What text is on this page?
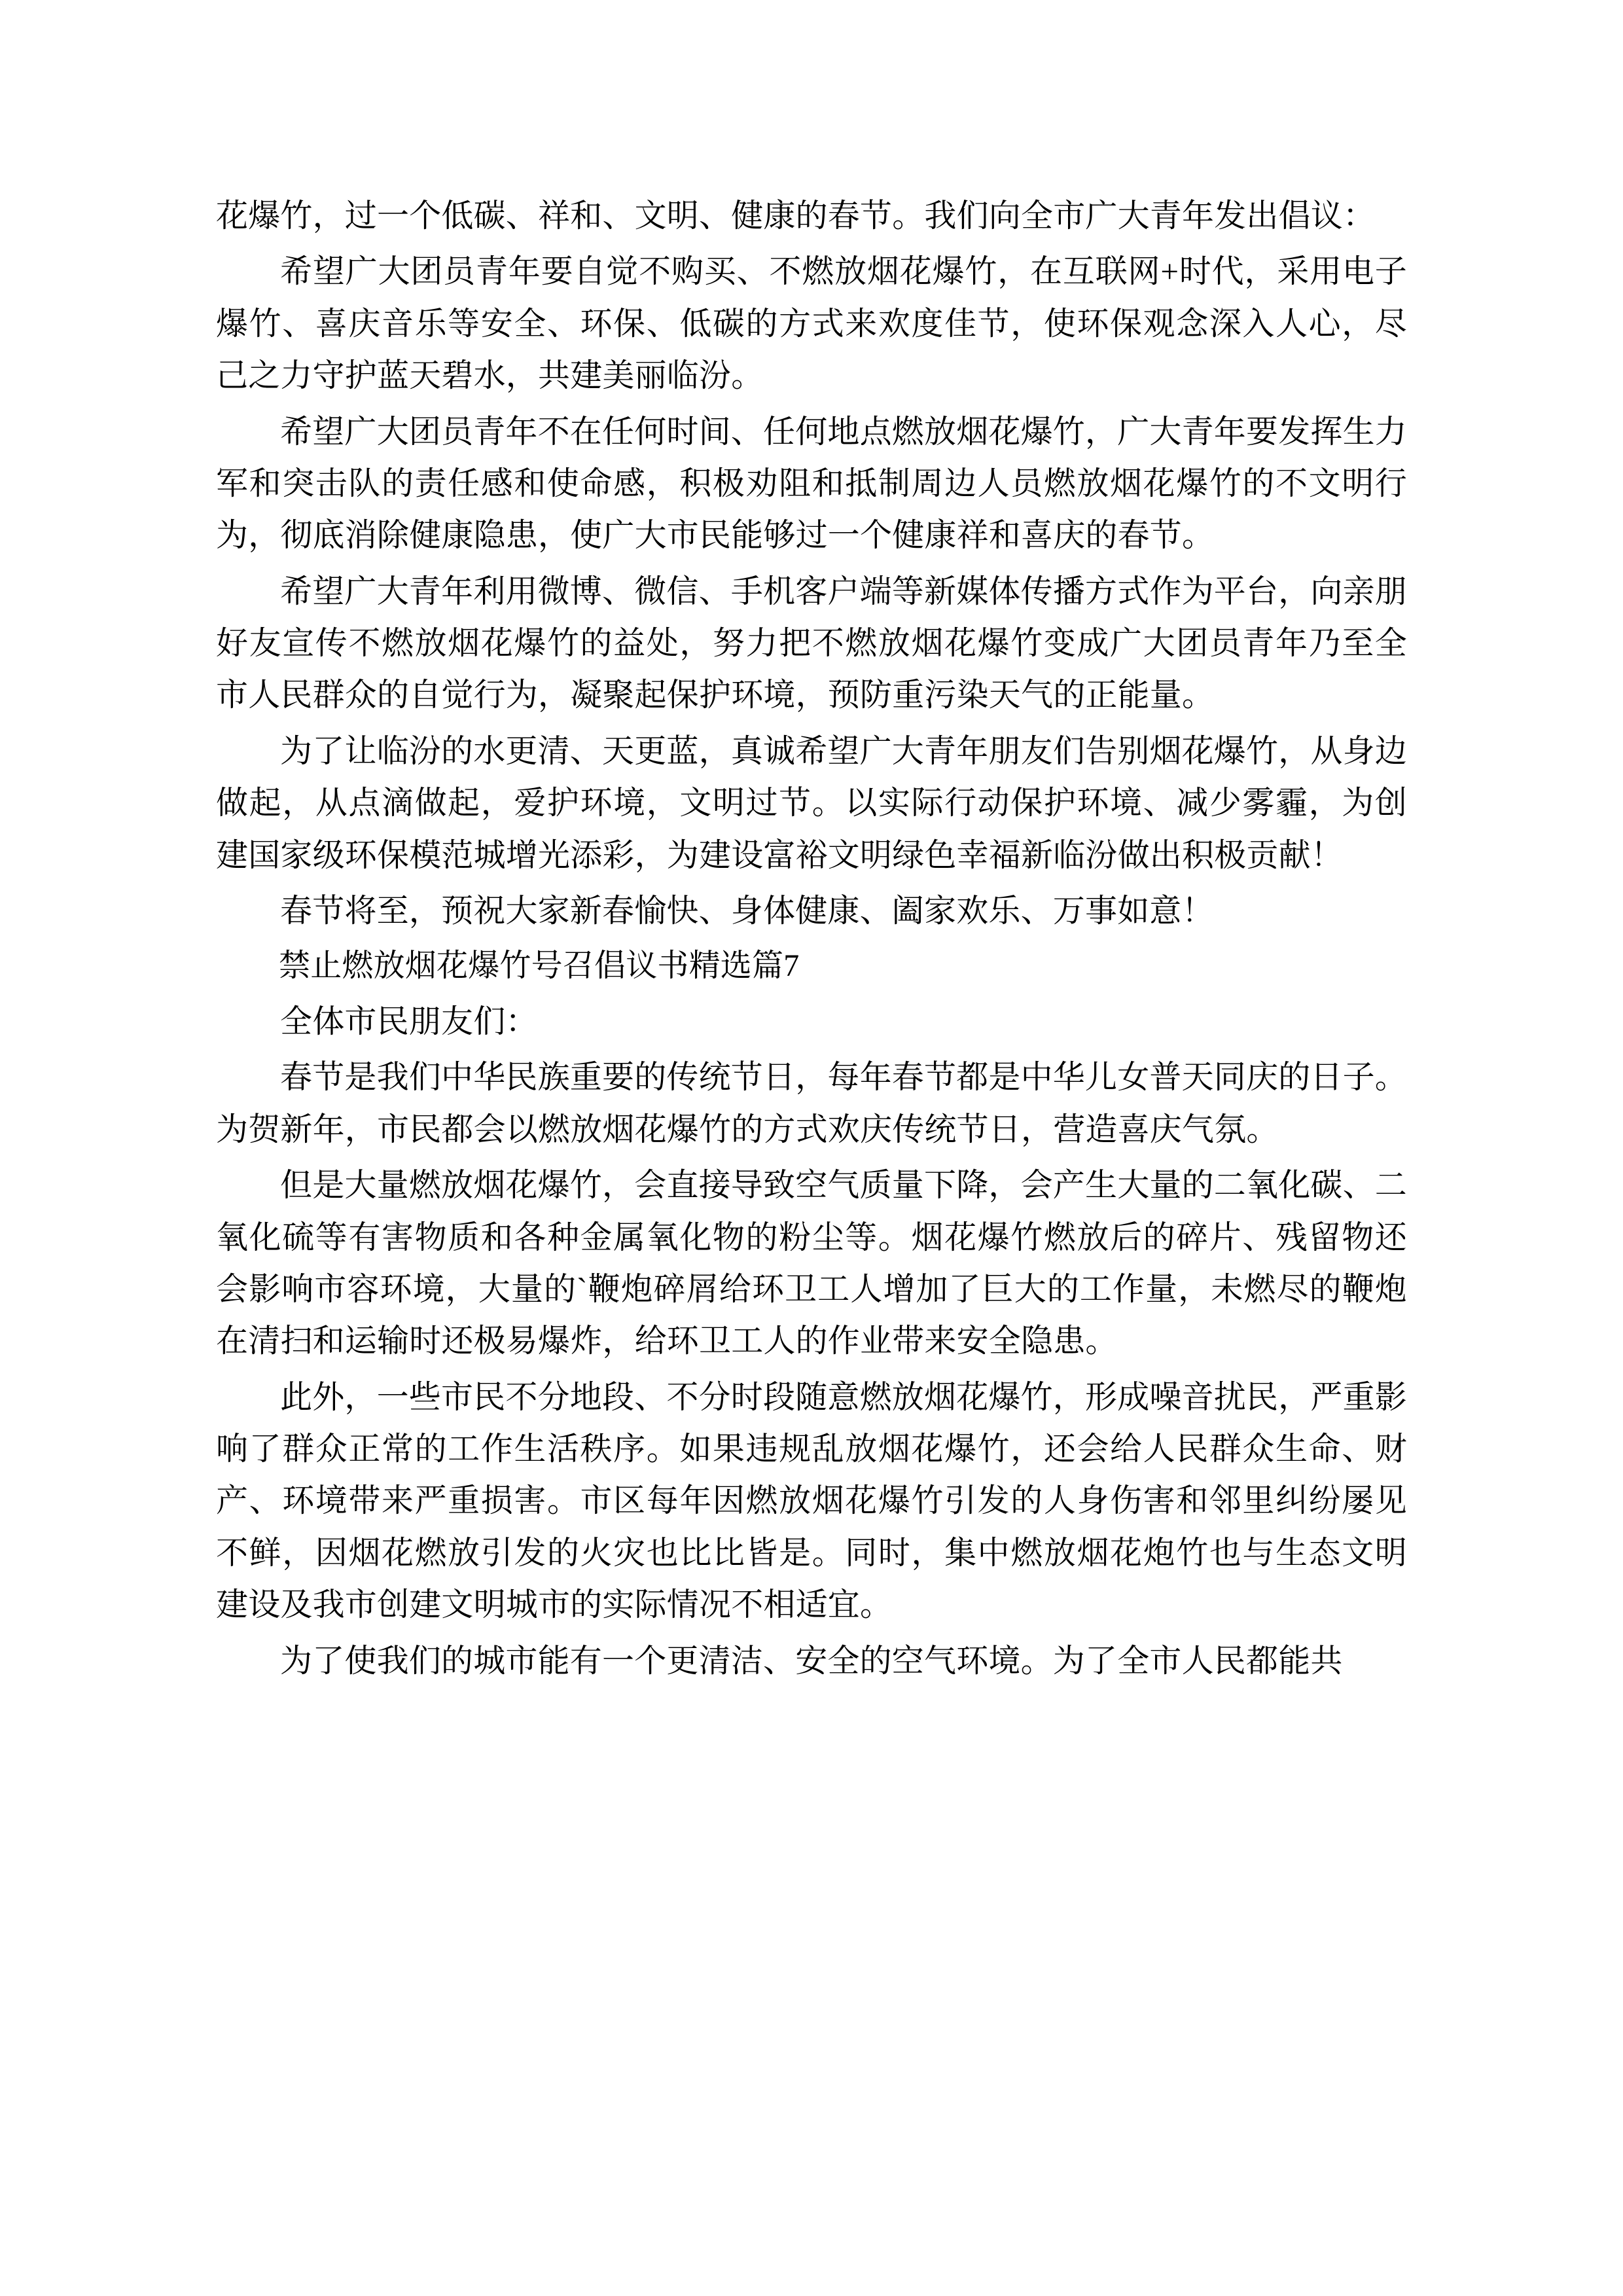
花爆竹，过一个低碳、祥和、文明、健康的春节。我们向全市广大青年发出倡议：

希望广大团员青年要自觉不购买、不燃放烟花爆竹，在互联网+时代，采用电子爆竹、喜庆音乐等安全、环保、低碳的方式来欢度佳节，使环保观念深入人心，尽己之力守护蓝天碧水，共建美丽临汾。

希望广大团员青年不在任何时间、任何地点燃放烟花爆竹，广大青年要发挥生力军和突击队的责任感和使命感，积极劝阻和抵制周边人员燃放烟花爆竹的不文明行为，彻底消除健康隐患，使广大市民能够过一个健康祥和喜庆的春节。

希望广大青年利用微博、微信、手机客户端等新媒体传播方式作为平台，向亲朋好友宣传不燃放烟花爆竹的益处，努力把不燃放烟花爆竹变成广大团员青年乃至全市人民群众的自觉行为，凝聚起保护环境，预防重污染天气的正能量。

为了让临汾的水更清、天更蓝，真诚希望广大青年朋友们告别烟花爆竹，从身边做起，从点滴做起，爱护环境，文明过节。以实际行动保护环境、减少雾霾，为创建国家级环保模范城增光添彩，为建设富裕文明绿色幸福新临汾做出积极贡献！

春节将至，预祝大家新春愉快、身体健康、阖家欢乐、万事如意！

禁止燃放烟花爆竹号召倡议书精选篇7

全体市民朋友们：

春节是我们中华民族重要的传统节日，每年春节都是中华儿女普天同庆的日子。为贺新年，市民都会以燃放烟花爆竹的方式欢庆传统节日，营造喜庆气氛。

但是大量燃放烟花爆竹，会直接导致空气质量下降，会产生大量的二氧化碳、二氧化硫等有害物质和各种金属氧化物的粉尘等。烟花爆竹燃放后的碎片、残留物还会影响市容环境，大量的`鞭炮碎屑给环卫工人增加了巨大的工作量，未燃尽的鞭炮在清扫和运输时还极易爆炸，给环卫工人的作业带来安全隐患。

此外，一些市民不分地段、不分时段随意燃放烟花爆竹，形成噪音扰民，严重影响了群众正常的工作生活秩序。如果违规乱放烟花爆竹，还会给人民群众生命、财产、环境带来严重损害。市区每年因燃放烟花爆竹引发的人身伤害和邻里纠纷屡见不鲜，因烟花燃放引发的火灾也比比皆是。同时，集中燃放烟花炮竹也与生态文明建设及我市创建文明城市的实际情况不相适宜。

为了使我们的城市能有一个更清洁、安全的空气环境。为了全市人民都能共
